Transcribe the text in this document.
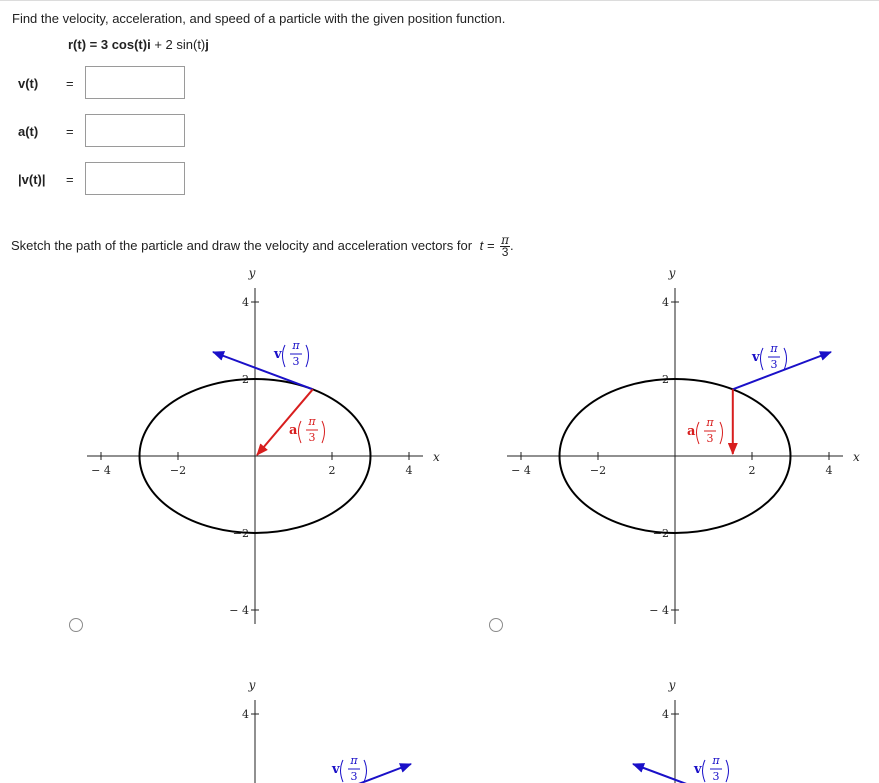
Find the velocity, acceleration, and speed of a particle with the given position function.
r(t) = 3 cos(t)i + 2 sin(t)j
v(t) =
a(t) =
|v(t)| =
Sketch the path of the particle and draw the velocity and acceleration vectors for $t = \frac{\pi}{3}$ .
− 4	−2	2	4
4
2
−2
− 4
x
y
v
π
3
a
π
3
− 4	−2	2	4
4
2
−2
− 4
x
y
v
π
3
a
π
3
4
y
v
π
3
4
y
v
π
3
